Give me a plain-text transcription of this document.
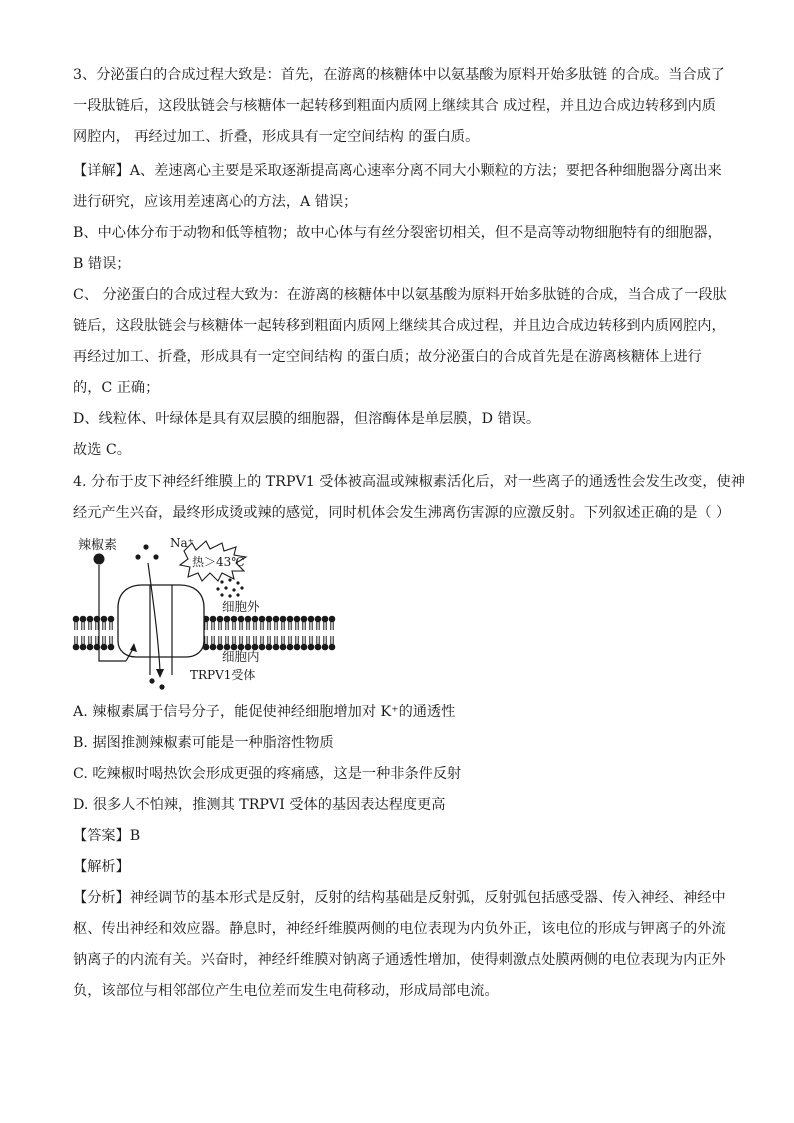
3、分泌蛋白的合成过程大致是：首先，在游离的核糖体中以氨基酸为原料开始多肽链 的合成。当合成了
一段肽链后，这段肽链会与核糖体一起转移到粗面内质网上继续其合 成过程，并且边合成边转移到内质
网腔内， 再经过加工、折叠，形成具有一定空间结构 的蛋白质。
【详解】A、差速离心主要是采取逐渐提高离心速率分离不同大小颗粒的方法；要把各种细胞器分离出来
进行研究，应该用差速离心的方法，A 错误；
B、中心体分布于动物和低等植物；故中心体与有丝分裂密切相关，但不是高等动物细胞特有的细胞器，
B 错误；
C、 分泌蛋白的合成过程大致为：在游离的核糖体中以氨基酸为原料开始多肽链的合成，当合成了一段肽
链后，这段肽链会与核糖体一起转移到粗面内质网上继续其合成过程，并且边合成边转移到内质网腔内，
再经过加工、折叠，形成具有一定空间结构 的蛋白质；故分泌蛋白的合成首先是在游离核糖体上进行
的，C 正确；
D、线粒体、叶绿体是具有双层膜的细胞器，但溶酶体是单层膜，D 错误。
故选 C。
4. 分布于皮下神经纤维膜上的 TRPV1 受体被高温或辣椒素活化后，对一些离子的通透性会发生改变，使神
经元产生兴奋，最终形成烫或辣的感觉，同时机体会发生沸离伤害源的应激反射。下列叙述正确的是（ ）
辣椒素	Na⁺
热＞43℃
细胞外
细胞内
TRPV1受体
A. 辣椒素属于信号分子，能促使神经细胞增加对 K⁺的通透性
B. 据图推测辣椒素可能是一种脂溶性物质
C. 吃辣椒时喝热饮会形成更强的疼痛感，这是一种非条件反射
D. 很多人不怕辣，推测其 TRPVI 受体的基因表达程度更高
【答案】B
【解析】
【分析】神经调节的基本形式是反射，反射的结构基础是反射弧，反射弧包括感受器、传入神经、神经中
枢、传出神经和效应器。静息时，神经纤维膜两侧的电位表现为内负外正，该电位的形成与钾离子的外流
钠离子的内流有关。兴奋时，神经纤维膜对钠离子通透性增加，使得刺激点处膜两侧的电位表现为内正外
负，该部位与相邻部位产生电位差而发生电荷移动，形成局部电流。
